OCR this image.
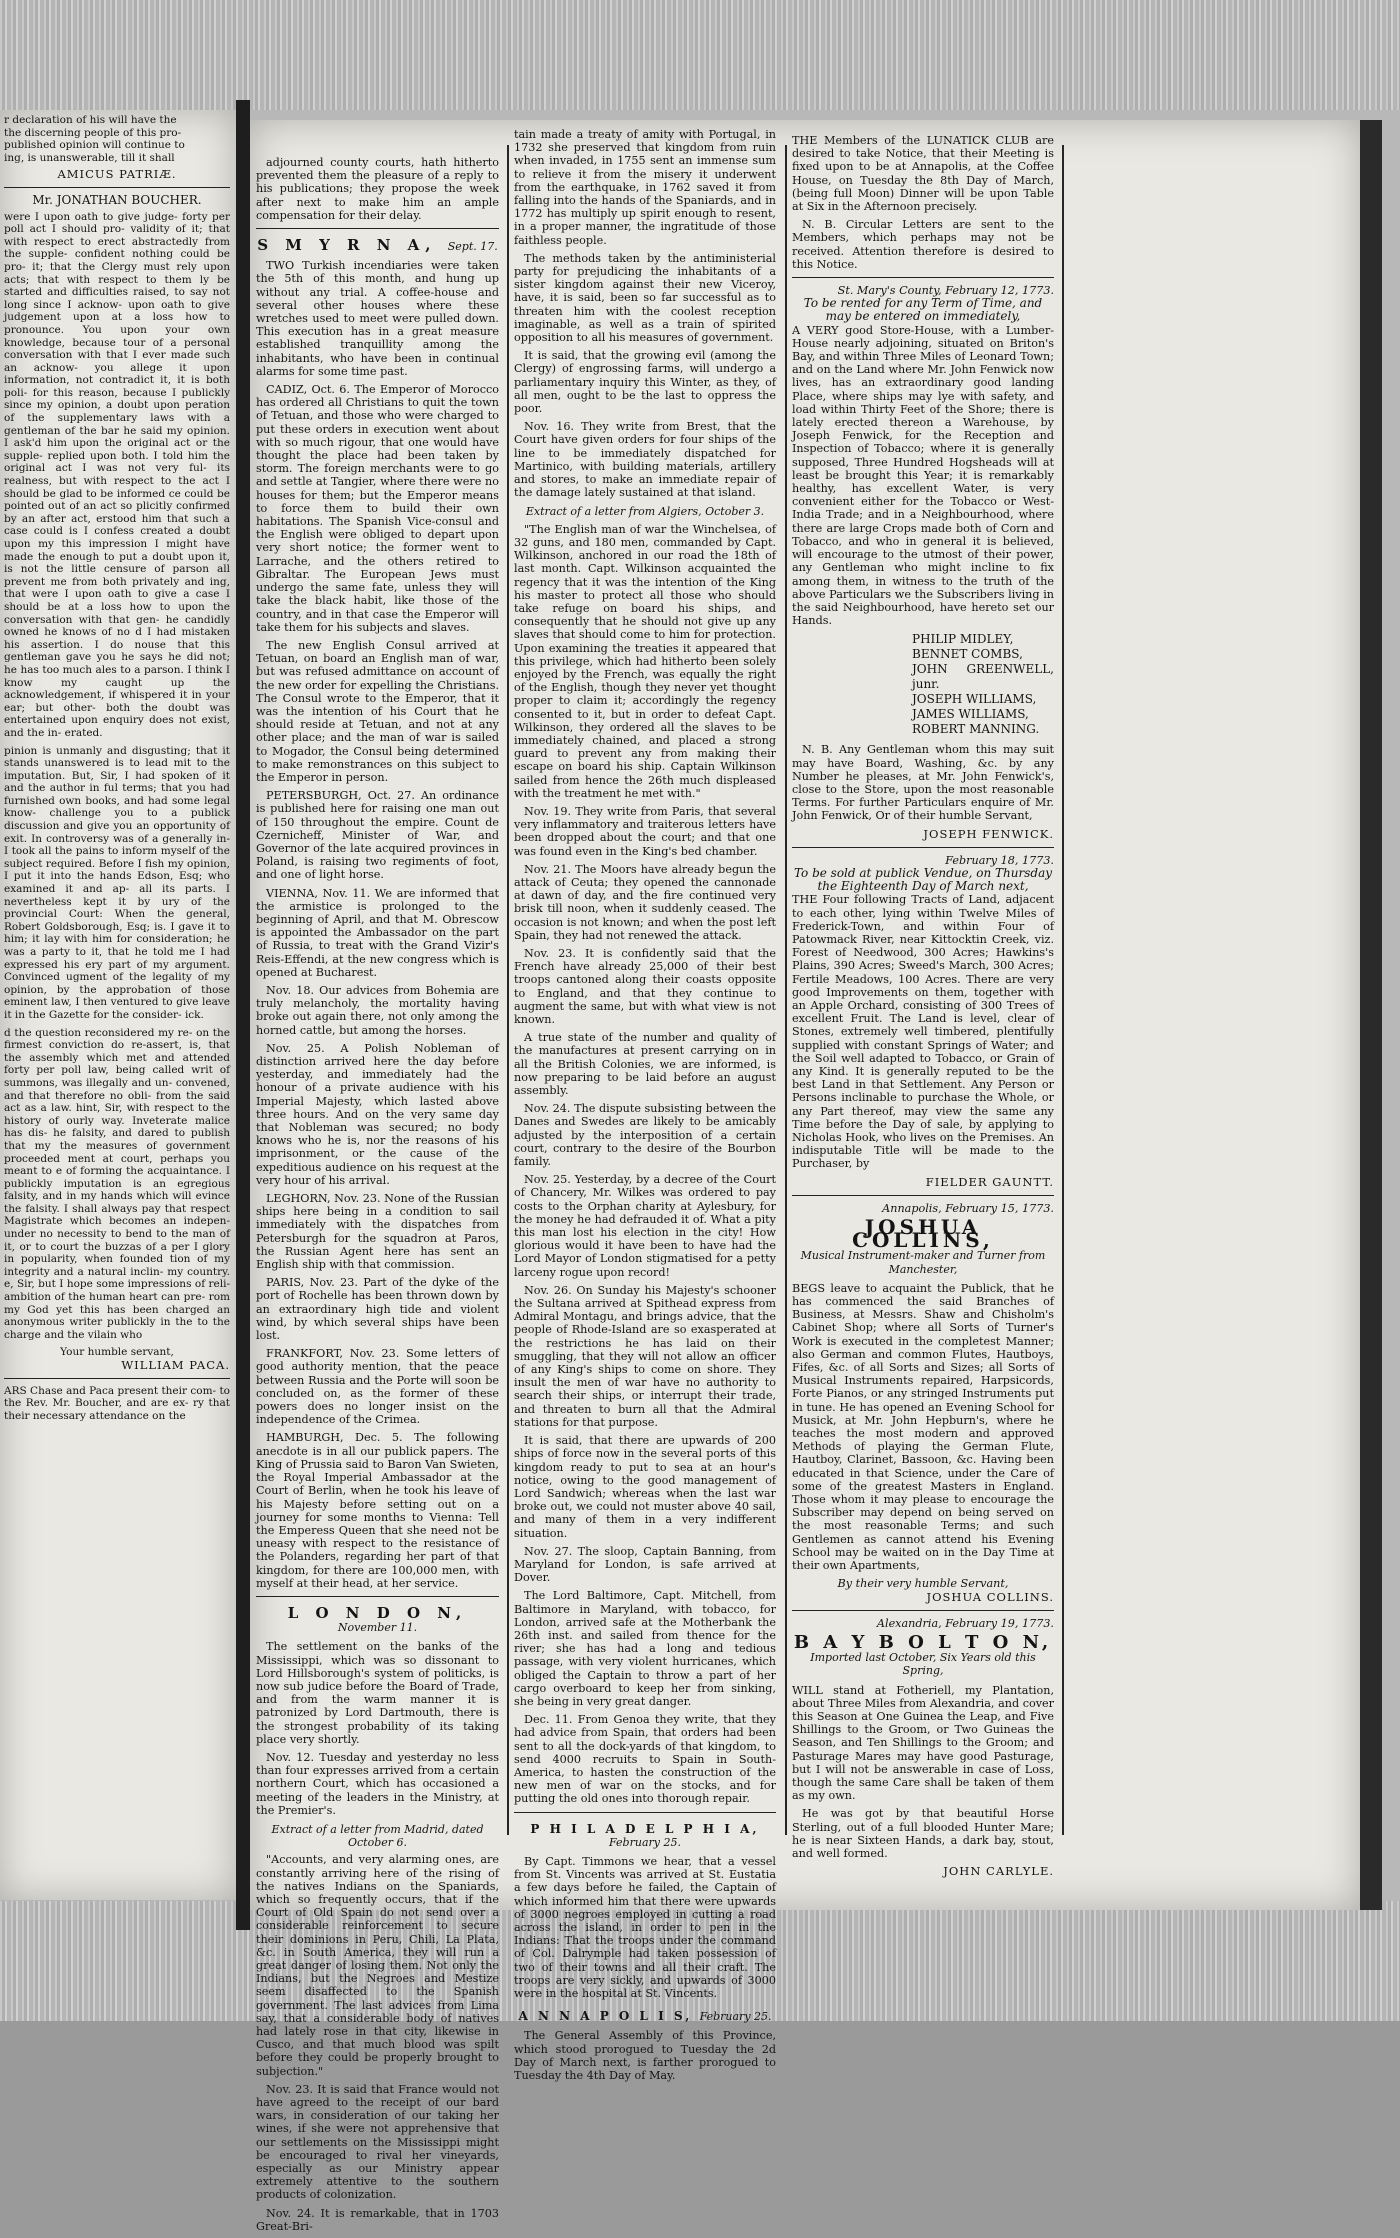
r declaration of his will have the

the discerning people of this pro-

published opinion will continue to

ing, is unanswerable, till it shall

AMICUS PATRIÆ.
Mr. JONATHAN BOUCHER.

were I upon oath to give judge- forty per poll act I should pro- validity of it; that with respect to erect abstractedly from the supple- confident nothing could be pro- it; that the Clergy must rely upon acts; that with respect to them ly be started and difficulties raised, to say not long since I acknow- upon oath to give judgement upon at a loss how to pronounce. You upon your own knowledge, because tour of a personal conversation with that I ever made such an acknow- you allege it upon information, not contradict it, it is both poli- for this reason, because I publickly since my opinion, a doubt upon peration of the supplementary laws with a gentleman of the bar he said my opinion. I ask'd him upon the original act or the supple- replied upon both. I told him the original act I was not very ful- its realness, but with respect to the act I should be glad to be informed ce could be pointed out of an act so plicitly confirmed by an after act, erstood him that such a case could is I confess created a doubt upon my this impression I might have made the enough to put a doubt upon it, is not the little censure of parson all prevent me from both privately and ing, that were I upon oath to give a case I should be at a loss how to upon the conversation with that gen- he candidly owned he knows of no d I had mistaken his assertion. I do nouse that this gentleman gave you he says he did not; he has too much ales to a parson. I think I know my caught up the acknowledgement, if whispered it in your ear; but other- both the doubt was entertained upon enquiry does not exist, and the in- erated.

pinion is unmanly and disgusting; that it stands unanswered is to lead mit to the imputation. But, Sir, I had spoken of it and the author in ful terms; that you had furnished own books, and had some legal know- challenge you to a publick discussion and give you an opportunity of exit. In controversy was of a generally in- I took all the pains to inform myself of the subject required. Before I fish my opinion, I put it into the hands Edson, Esq; who examined it and ap- all its parts. I nevertheless kept it by ury of the provincial Court: When the general, Robert Goldsborough, Esq; is. I gave it to him; it lay with him for consideration; he was a party to it, that he told me I had expressed his ery part of my argument. Convinced ugment of the legality of my opinion, by the approbation of those eminent law, I then ventured to give leave it in the Gazette for the consider- ick.

d the question reconsidered my re- on the firmest conviction do re-assert, is, that the assembly which met and attended forty per poll law, being called writ of summons, was illegally and un- convened, and that therefore no obli- from the said act as a law. hint, Sir, with respect to the history of ourly way. Inveterate malice has dis- he falsity, and dared to publish that my the measures of government proceeded ment at court, perhaps you meant to e of forming the acquaintance. I publickly imputation is an egregious falsity, and in my hands which will evince the falsity. I shall always pay that respect Magistrate which becomes an indepen- under no necessity to bend to the man of it, or to court the buzzas of a per I glory in popularity, when founded tion of my integrity and a natural inclin- my country. e, Sir, but I hope some impressions of reli- ambition of the human heart can pre- rom my God yet this has been charged an anonymous writer publickly in the to the charge and the vilain who

Your humble servant,
WILLIAM PACA.

ARS Chase and Paca present their com- to the Rev. Mr. Boucher, and are ex- ry that their necessary attendance on the

adjourned county courts, hath hitherto prevented them the pleasure of a reply to his publications; they propose the week after next to make him an ample compensation for their delay.

S M Y R N A, Sept. 17.

TWO Turkish incendiaries were taken the 5th of this month, and hung up without any trial. A coffee-house and several other houses where these wretches used to meet were pulled down. This execution has in a great measure established tranquillity among the inhabitants, who have been in continual alarms for some time past.

CADIZ, Oct. 6. The Emperor of Morocco has ordered all Christians to quit the town of Tetuan, and those who were charged to put these orders in execution went about with so much rigour, that one would have thought the place had been taken by storm. The foreign merchants were to go and settle at Tangier, where there were no houses for them; but the Emperor means to force them to build their own habitations. The Spanish Vice-consul and the English were obliged to depart upon very short notice; the former went to Larrache, and the others retired to Gibraltar. The European Jews must undergo the same fate, unless they will take the black habit, like those of the country, and in that case the Emperor will take them for his subjects and slaves.

The new English Consul arrived at Tetuan, on board an English man of war, but was refused admittance on account of the new order for expelling the Christians. The Consul wrote to the Emperor, that it was the intention of his Court that he should reside at Tetuan, and not at any other place; and the man of war is sailed to Mogador, the Consul being determined to make remonstrances on this subject to the Emperor in person.

PETERSBURGH, Oct. 27. An ordinance is published here for raising one man out of 150 throughout the empire. Count de Czernicheff, Minister of War, and Governor of the late acquired provinces in Poland, is raising two regiments of foot, and one of light horse.

VIENNA, Nov. 11. We are informed that the armistice is prolonged to the beginning of April, and that M. Obrescow is appointed the Ambassador on the part of Russia, to treat with the Grand Vizir's Reis-Effendi, at the new congress which is opened at Bucharest.

Nov. 18. Our advices from Bohemia are truly melancholy, the mortality having broke out again there, not only among the horned cattle, but among the horses.

Nov. 25. A Polish Nobleman of distinction arrived here the day before yesterday, and immediately had the honour of a private audience with his Imperial Majesty, which lasted above three hours. And on the very same day that Nobleman was secured; no body knows who he is, nor the reasons of his imprisonment, or the cause of the expeditious audience on his request at the very hour of his arrival.

LEGHORN, Nov. 23. None of the Russian ships here being in a condition to sail immediately with the dispatches from Petersburgh for the squadron at Paros, the Russian Agent here has sent an English ship with that commission.

PARIS, Nov. 23. Part of the dyke of the port of Rochelle has been thrown down by an extraordinary high tide and violent wind, by which several ships have been lost.

FRANKFORT, Nov. 23. Some letters of good authority mention, that the peace between Russia and the Porte will soon be concluded on, as the former of these powers does no longer insist on the independence of the Crimea.

HAMBURGH, Dec. 5. The following anecdote is in all our publick papers. The King of Prussia said to Baron Van Swieten, the Royal Imperial Ambassador at the Court of Berlin, when he took his leave of his Majesty before setting out on a journey for some months to Vienna: Tell the Emperess Queen that she need not be uneasy with respect to the resistance of the Polanders, regarding her part of that kingdom, for there are 100,000 men, with myself at their head, at her service.

L O N D O N, November 11.

The settlement on the banks of the Mississippi, which was so dissonant to Lord Hillsborough's system of politicks, is now sub judice before the Board of Trade, and from the warm manner it is patronized by Lord Dartmouth, there is the strongest probability of its taking place very shortly.

Nov. 12. Tuesday and yesterday no less than four expresses arrived from a certain northern Court, which has occasioned a meeting of the leaders in the Ministry, at the Premier's.

Extract of a letter from Madrid, dated October 6.

"Accounts, and very alarming ones, are constantly arriving here of the rising of the natives Indians on the Spaniards, which so frequently occurs, that if the Court of Old Spain do not send over a considerable reinforcement to secure their dominions in Peru, Chili, La Plata, &c. in South America, they will run a great danger of losing them. Not only the Indians, but the Negroes and Mestize seem disaffected to the Spanish government. The last advices from Lima say, that a considerable body of natives had lately rose in that city, likewise in Cusco, and that much blood was spilt before they could be properly brought to subjection."

Nov. 23. It is said that France would not have agreed to the receipt of our bard wars, in consideration of our taking her wines, if she were not apprehensive that our settlements on the Mississippi might be encouraged to rival her vineyards, especially as our Ministry appear extremely attentive to the southern products of colonization.

Nov. 24. It is remarkable, that in 1703 Great-Bri-

tain made a treaty of amity with Portugal, in 1732 she preserved that kingdom from ruin when invaded, in 1755 sent an immense sum to relieve it from the misery it underwent from the earthquake, in 1762 saved it from falling into the hands of the Spaniards, and in 1772 has multiply up spirit enough to resent, in a proper manner, the ingratitude of those faithless people.

The methods taken by the antiministerial party for prejudicing the inhabitants of a sister kingdom against their new Viceroy, have, it is said, been so far successful as to threaten him with the coolest reception imaginable, as well as a train of spirited opposition to all his measures of government.

It is said, that the growing evil (among the Clergy) of engrossing farms, will undergo a parliamentary inquiry this Winter, as they, of all men, ought to be the last to oppress the poor.

Nov. 16. They write from Brest, that the Court have given orders for four ships of the line to be immediately dispatched for Martinico, with building materials, artillery and stores, to make an immediate repair of the damage lately sustained at that island.

Extract of a letter from Algiers, October 3.

"The English man of war the Winchelsea, of 32 guns, and 180 men, commanded by Capt. Wilkinson, anchored in our road the 18th of last month. Capt. Wilkinson acquainted the regency that it was the intention of the King his master to protect all those who should take refuge on board his ships, and consequently that he should not give up any slaves that should come to him for protection. Upon examining the treaties it appeared that this privilege, which had hitherto been solely enjoyed by the French, was equally the right of the English, though they never yet thought proper to claim it; accordingly the regency consented to it, but in order to defeat Capt. Wilkinson, they ordered all the slaves to be immediately chained, and placed a strong guard to prevent any from making their escape on board his ship. Captain Wilkinson sailed from hence the 26th much displeased with the treatment he met with."

Nov. 19. They write from Paris, that several very inflammatory and traiterous letters have been dropped about the court; and that one was found even in the King's bed chamber.

Nov. 21. The Moors have already begun the attack of Ceuta; they opened the cannonade at dawn of day, and the fire continued very brisk till noon, when it suddenly ceased. The occasion is not known; and when the post left Spain, they had not renewed the attack.

Nov. 23. It is confidently said that the French have already 25,000 of their best troops cantoned along their coasts opposite to England, and that they continue to augment the same, but with what view is not known.

A true state of the number and quality of the manufactures at present carrying on in all the British Colonies, we are informed, is now preparing to be laid before an august assembly.

Nov. 24. The dispute subsisting between the Danes and Swedes are likely to be amicably adjusted by the interposition of a certain court, contrary to the desire of the Bourbon family.

Nov. 25. Yesterday, by a decree of the Court of Chancery, Mr. Wilkes was ordered to pay costs to the Orphan charity at Aylesbury, for the money he had defrauded it of. What a pity this man lost his election in the city! How glorious would it have been to have had the Lord Mayor of London stigmatised for a petty larceny rogue upon record!

Nov. 26. On Sunday his Majesty's schooner the Sultana arrived at Spithead express from Admiral Montagu, and brings advice, that the people of Rhode-Island are so exasperated at the restrictions he has laid on their smuggling, that they will not allow an officer of any King's ships to come on shore. They insult the men of war have no authority to search their ships, or interrupt their trade, and threaten to burn all that the Admiral stations for that purpose.

It is said, that there are upwards of 200 ships of force now in the several ports of this kingdom ready to put to sea at an hour's notice, owing to the good management of Lord Sandwich; whereas when the last war broke out, we could not muster above 40 sail, and many of them in a very indifferent situation.

Nov. 27. The sloop, Captain Banning, from Maryland for London, is safe arrived at Dover.

The Lord Baltimore, Capt. Mitchell, from Baltimore in Maryland, with tobacco, for London, arrived safe at the Motherbank the 26th inst. and sailed from thence for the river; she has had a long and tedious passage, with very violent hurricanes, which obliged the Captain to throw a part of her cargo overboard to keep her from sinking, she being in very great danger.

Dec. 11. From Genoa they write, that they had advice from Spain, that orders had been sent to all the dock-yards of that kingdom, to send 4000 recruits to Spain in South-America, to hasten the construction of the new men of war on the stocks, and for putting the old ones into thorough repair.

P H I L A D E L P H I A, February 25.

By Capt. Timmons we hear, that a vessel from St. Vincents was arrived at St. Eustatia a few days before he failed, the Captain of which informed him that there were upwards of 3000 negroes employed in cutting a road across the island, in order to pen in the Indians: That the troops under the command of Col. Dalrymple had taken possession of two of their towns and all their craft. The troops are very sickly, and upwards of 3000 were in the hospital at St. Vincents.

A N N A P O L I S, February 25.

The General Assembly of this Province, which stood prorogued to Tuesday the 2d Day of March next, is farther prorogued to Tuesday the 4th Day of May.

THE Members of the LUNATICK CLUB are desired to take Notice, that their Meeting is fixed upon to be at Annapolis, at the Coffee House, on Tuesday the 8th Day of March, (being full Moon) Dinner will be upon Table at Six in the Afternoon precisely.

N. B. Circular Letters are sent to the Members, which perhaps may not be received. Attention therefore is desired to this Notice.

St. Mary's County, February 12, 1773.
To be rented for any Term of Time, and may be entered on immediately,

A VERY good Store-House, with a Lumber-House nearly adjoining, situated on Briton's Bay, and within Three Miles of Leonard Town; and on the Land where Mr. John Fenwick now lives, has an extraordinary good landing Place, where ships may lye with safety, and load within Thirty Feet of the Shore; there is lately erected thereon a Warehouse, by Joseph Fenwick, for the Reception and Inspection of Tobacco; where it is generally supposed, Three Hundred Hogsheads will at least be brought this Year; it is remarkably healthy, has excellent Water, is very convenient either for the Tobacco or West-India Trade; and in a Neighbourhood, where there are large Crops made both of Corn and Tobacco, and who in general it is believed, will encourage to the utmost of their power, any Gentleman who might incline to fix among them, in witness to the truth of the above Particulars we the Subscribers living in the said Neighbourhood, have hereto set our Hands.

PHILIP MIDLEY,
BENNET COMBS,
JOHN GREENWELL, junr.
JOSEPH WILLIAMS,
JAMES WILLIAMS,
ROBERT MANNING.

N. B. Any Gentleman whom this may suit may have Board, Washing, &c. by any Number he pleases, at Mr. John Fenwick's, close to the Store, upon the most reasonable Terms. For further Particulars enquire of Mr. John Fenwick, Or of their humble Servant,

JOSEPH FENWICK.
February 18, 1773.
To be sold at publick Vendue, on Thursday the Eighteenth Day of March next,

THE Four following Tracts of Land, adjacent to each other, lying within Twelve Miles of Frederick-Town, and within Four of Patowmack River, near Kittocktin Creek, viz. Forest of Needwood, 300 Acres; Hawkins's Plains, 390 Acres; Sweed's March, 300 Acres; Fertile Meadows, 100 Acres. There are very good Improvements on them, together with an Apple Orchard, consisting of 300 Trees of excellent Fruit. The Land is level, clear of Stones, extremely well timbered, plentifully supplied with constant Springs of Water; and the Soil well adapted to Tobacco, or Grain of any Kind. It is generally reputed to be the best Land in that Settlement. Any Person or Persons inclinable to purchase the Whole, or any Part thereof, may view the same any Time before the Day of sale, by applying to Nicholas Hook, who lives on the Premises. An indisputable Title will be made to the Purchaser, by

FIELDER GAUNTT.
Annapolis, February 15, 1773.
JOSHUA COLLINS,
Musical Instrument-maker and Turner from Manchester,

BEGS leave to acquaint the Publick, that he has commenced the said Branches of Business, at Messrs. Shaw and Chisholm's Cabinet Shop; where all Sorts of Turner's Work is executed in the completest Manner; also German and common Flutes, Hautboys, Fifes, &c. of all Sorts and Sizes; all Sorts of Musical Instruments repaired, Harpsicords, Forte Pianos, or any stringed Instruments put in tune. He has opened an Evening School for Musick, at Mr. John Hepburn's, where he teaches the most modern and approved Methods of playing the German Flute, Hautboy, Clarinet, Bassoon, &c. Having been educated in that Science, under the Care of some of the greatest Masters in England. Those whom it may please to encourage the Subscriber may depend on being served on the most reasonable Terms; and such Gentlemen as cannot attend his Evening School may be waited on in the Day Time at their own Apartments,

By their very humble Servant,
JOSHUA COLLINS.
Alexandria, February 19, 1773.
B A Y B O L T O N,
Imported last October, Six Years old this Spring,

WILL stand at Fotheriell, my Plantation, about Three Miles from Alexandria, and cover this Season at One Guinea the Leap, and Five Shillings to the Groom, or Two Guineas the Season, and Ten Shillings to the Groom; and Pasturage Mares may have good Pasturage, but I will not be answerable in case of Loss, though the same Care shall be taken of them as my own.

He was got by that beautiful Horse Sterling, out of a full blooded Hunter Mare; he is near Sixteen Hands, a dark bay, stout, and well formed.

JOHN CARLYLE.
